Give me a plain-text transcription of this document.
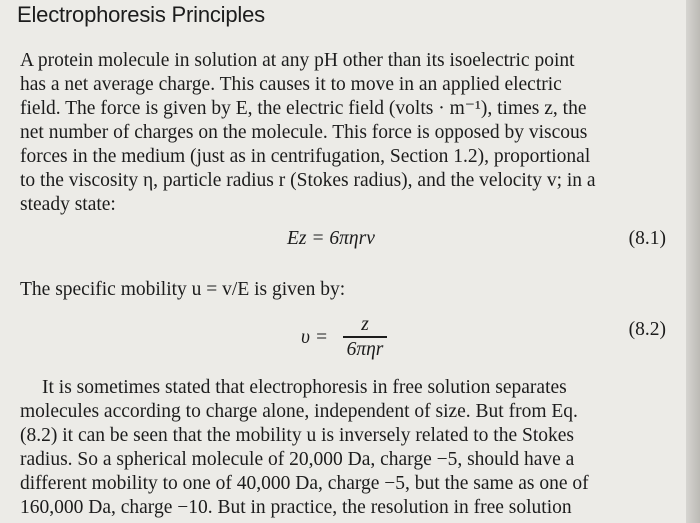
Electrophoresis Principles
A protein molecule in solution at any pH other than its isoelectric point
has a net average charge. This causes it to move in an applied electric
field. The force is given by E, the electric field (volts · m⁻¹), times z, the
net number of charges on the molecule. This force is opposed by viscous
forces in the medium (just as in centrifugation, Section 1.2), proportional
to the viscosity η, particle radius r (Stokes radius), and the velocity v; in a
steady state:
Ez = 6πηrv	(8.1)
The specific mobility u = v/E is given by:
υ =
z
6πηr
(8.2)
It is sometimes stated that electrophoresis in free solution separates
molecules according to charge alone, independent of size. But from Eq.
(8.2) it can be seen that the mobility u is inversely related to the Stokes
radius. So a spherical molecule of 20,000 Da, charge −5, should have a
different mobility to one of 40,000 Da, charge −5, but the same as one of
160,000 Da, charge −10. But in practice, the resolution in free solution
